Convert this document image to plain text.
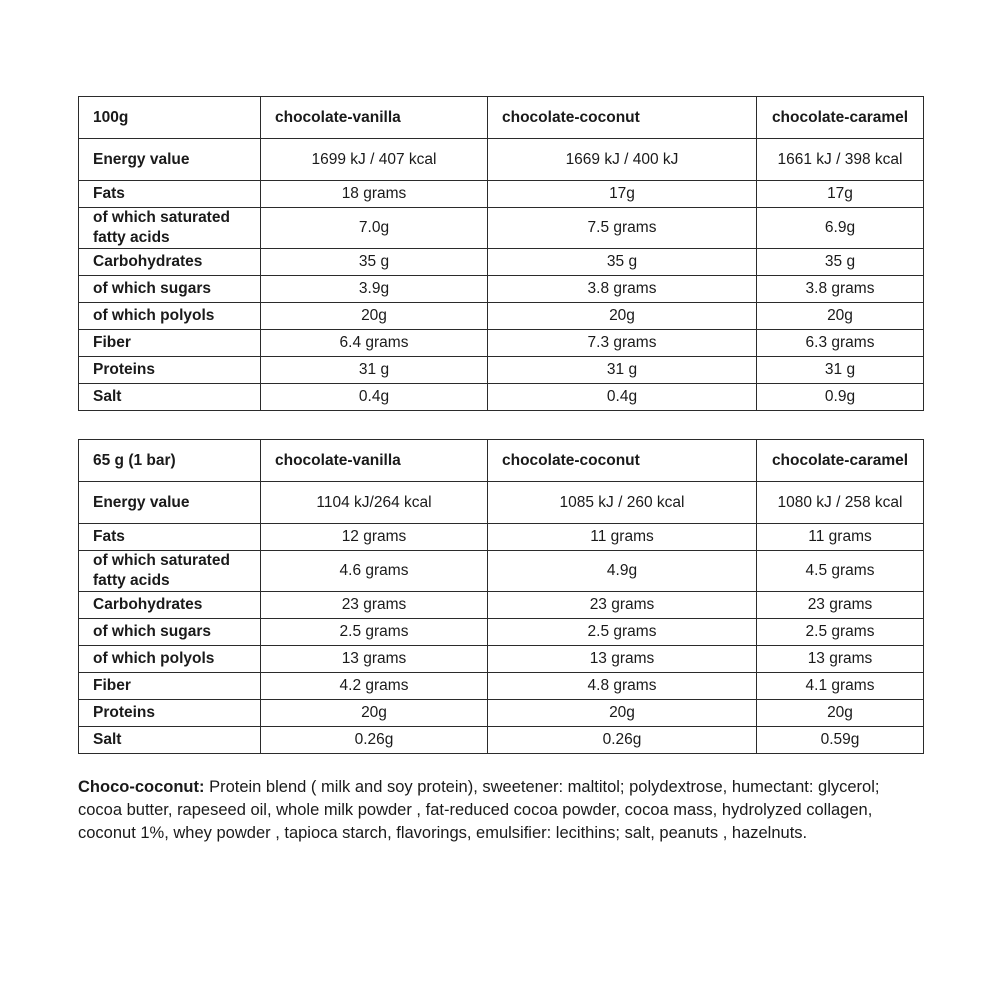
100g	chocolate-vanilla	chocolate-coconut	chocolate-caramel
Energy value	1699 kJ / 407 kcal	1669 kJ / 400 kJ	1661 kJ / 398 kcal
Fats	18 grams	17g	17g
of which saturated fatty acids	7.0g	7.5 grams	6.9g
Carbohydrates	35 g	35 g	35 g
of which sugars	3.9g	3.8 grams	3.8 grams
of which polyols	20g	20g	20g
Fiber	6.4 grams	7.3 grams	6.3 grams
Proteins	31 g	31 g	31 g
Salt	0.4g	0.4g	0.9g
65 g (1 bar)	chocolate-vanilla	chocolate-coconut	chocolate-caramel
Energy value	1104 kJ/264 kcal	1085 kJ / 260 kcal	1080 kJ / 258 kcal
Fats	12 grams	11 grams	11 grams
of which saturated fatty acids	4.6 grams	4.9g	4.5 grams
Carbohydrates	23 grams	23 grams	23 grams
of which sugars	2.5 grams	2.5 grams	2.5 grams
of which polyols	13 grams	13 grams	13 grams
Fiber	4.2 grams	4.8 grams	4.1 grams
Proteins	20g	20g	20g
Salt	0.26g	0.26g	0.59g

Choco-coconut: Protein blend ( milk and soy protein), sweetener: maltitol; polydextrose, humectant: glycerol; cocoa butter, rapeseed oil, whole milk powder , fat-reduced cocoa powder, cocoa mass, hydrolyzed collagen, coconut 1%, whey powder , tapioca starch, flavorings, emulsifier: lecithins; salt, peanuts , hazelnuts.
